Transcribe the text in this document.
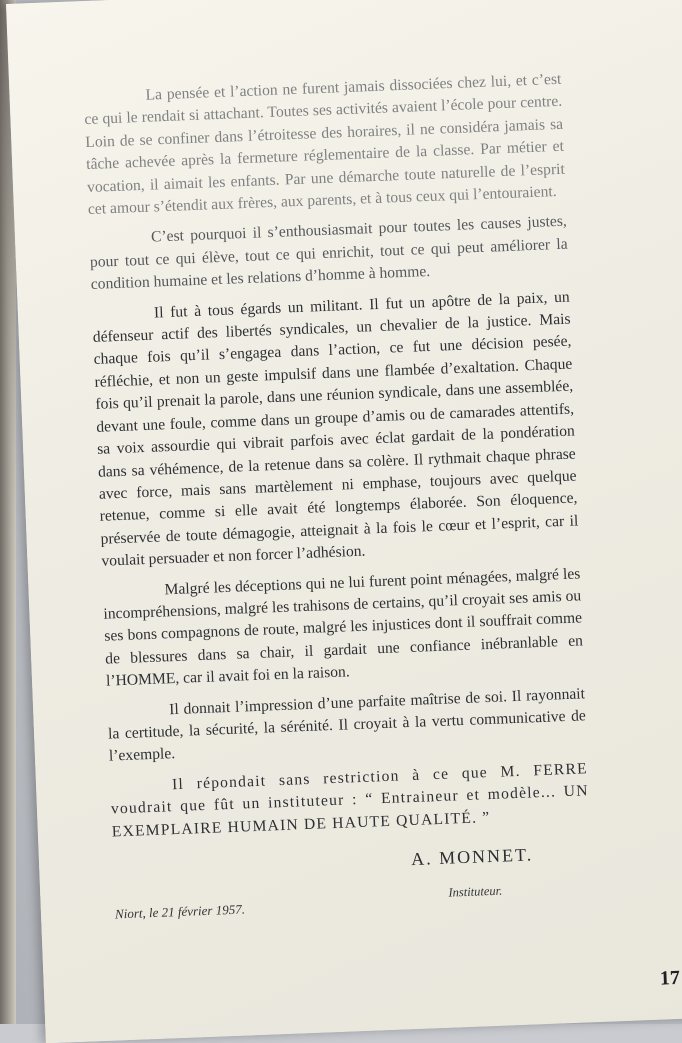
La pensée et l’action ne furent jamais dissociées chez lui, et c’est ce qui le rendait si attachant. Toutes ses activités avaient l’école pour centre. Loin de se confiner dans l’étroitesse des horaires, il ne considéra jamais sa tâche achevée après la fermeture réglementaire de la classe. Par métier et vocation, il aimait les enfants. Par une démarche toute naturelle de l’esprit cet amour s’étendit aux frères, aux parents, et à tous ceux qui l’entouraient.

C’est pourquoi il s’enthousiasmait pour toutes les causes justes, pour tout ce qui élève, tout ce qui enrichit, tout ce qui peut améliorer la condition humaine et les relations d’homme à homme.

Il fut à tous égards un militant. Il fut un apôtre de la paix, un défenseur actif des libertés syndicales, un chevalier de la justice. Mais chaque fois qu’il s’engagea dans l’action, ce fut une décision pesée, réfléchie, et non un geste impulsif dans une flambée d’exaltation. Chaque fois qu’il prenait la parole, dans une réunion syndicale, dans une assemblée, devant une foule, comme dans un groupe d’amis ou de camarades attentifs, sa voix assourdie qui vibrait parfois avec éclat gardait de la pondération dans sa véhémence, de la retenue dans sa colère. Il rythmait chaque phrase avec force, mais sans martèlement ni emphase, toujours avec quelque retenue, comme si elle avait été longtemps élaborée. Son éloquence, préservée de toute démagogie, atteignait à la fois le cœur et l’esprit, car il voulait persuader et non forcer l’adhésion.

Malgré les déceptions qui ne lui furent point ménagées, malgré les incompréhensions, malgré les trahisons de certains, qu’il croyait ses amis ou ses bons compagnons de route, malgré les injustices dont il souffrait comme de blessures dans sa chair, il gardait une confiance inébranlable en l’HOMME, car il avait foi en la raison.

Il donnait l’impression d’une parfaite maîtrise de soi. Il rayonnait la certitude, la sécurité, la sérénité. Il croyait à la vertu communicative de l’exemple.

Il répondait sans restriction à ce que M. FERRE voudrait que fût un instituteur : “ Entraineur et modèle... UN EXEMPLAIRE HUMAIN DE HAUTE QUALITÉ. ”

A. MONNET.
Niort, le 21 février 1957.
Instituteur.
17
